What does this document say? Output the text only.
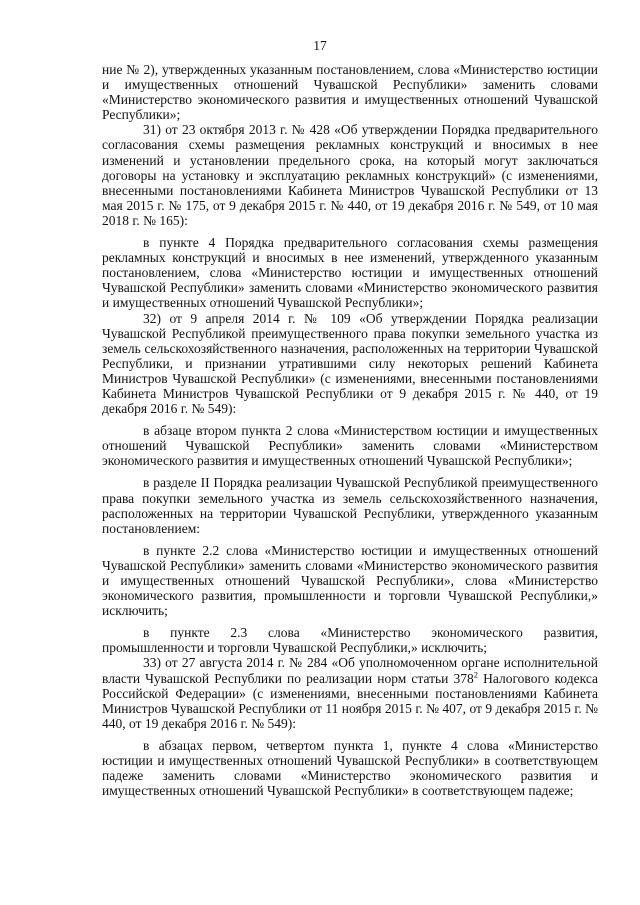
17

ние № 2), утвержденных указанным постановлением, слова «Министерство юстиции и имущественных отношений Чувашской Республики» заменить словами «Министерство экономического развития и имущественных отношений Чувашской Республики»;

31) от 23 октября 2013 г. № 428 «Об утверждении Порядка предварительного согласования схемы размещения рекламных конструкций и вносимых в нее изменений и установлении предельного срока, на который могут заключаться договоры на установку и эксплуатацию рекламных конструкций» (с изменениями, внесенными постановлениями Кабинета Министров Чувашской Республики от 13 мая 2015 г. № 175, от 9 декабря 2015 г. № 440, от 19 декабря 2016 г. № 549, от 10 мая 2018 г. № 165):

в пункте 4 Порядка предварительного согласования схемы размещения рекламных конструкций и вносимых в нее изменений, утвержденного указанным постановлением, слова «Министерство юстиции и имущественных отношений Чувашской Республики» заменить словами «Министерство экономического развития и имущественных отношений Чувашской Республики»;

32) от 9 апреля 2014 г. № 109 «Об утверждении Порядка реализации Чувашской Республикой преимущественного права покупки земельного участка из земель сельскохозяйственного назначения, расположенных на территории Чувашской Республики, и признании утратившими силу некоторых решений Кабинета Министров Чувашской Республики» (с изменениями, внесенными постановлениями Кабинета Министров Чувашской Республики от 9 декабря 2015 г. № 440, от 19 декабря 2016 г. № 549):

в абзаце втором пункта 2 слова «Министерством юстиции и имущественных отношений Чувашской Республики» заменить словами «Министерством экономического развития и имущественных отношений Чувашской Республики»;

в разделе II Порядка реализации Чувашской Республикой преимущественного права покупки земельного участка из земель сельскохозяйственного назначения, расположенных на территории Чувашской Республики, утвержденного указанным постановлением:

в пункте 2.2 слова «Министерство юстиции и имущественных отношений Чувашской Республики» заменить словами «Министерство экономического развития и имущественных отношений Чувашской Республики», слова «Министерство экономического развития, промышленности и торговли Чувашской Республики,» исключить;

в пункте 2.3 слова «Министерство экономического развития, промышленности и торговли Чувашской Республики,» исключить;

33) от 27 августа 2014 г. № 284 «Об уполномоченном органе исполнительной власти Чувашской Республики по реализации норм статьи $378^2$ Налогового кодекса Российской Федерации» (с изменениями, внесенными постановлениями Кабинета Министров Чувашской Республики от 11 ноября 2015 г. № 407, от 9 декабря 2015 г. № 440, от 19 декабря 2016 г. № 549):

в абзацах первом, четвертом пункта 1, пункте 4 слова «Министерство юстиции и имущественных отношений Чувашской Республики» в соответствующем падеже заменить словами «Министерство экономического развития и имущественных отношений Чувашской Республики» в соответствующем падеже;
